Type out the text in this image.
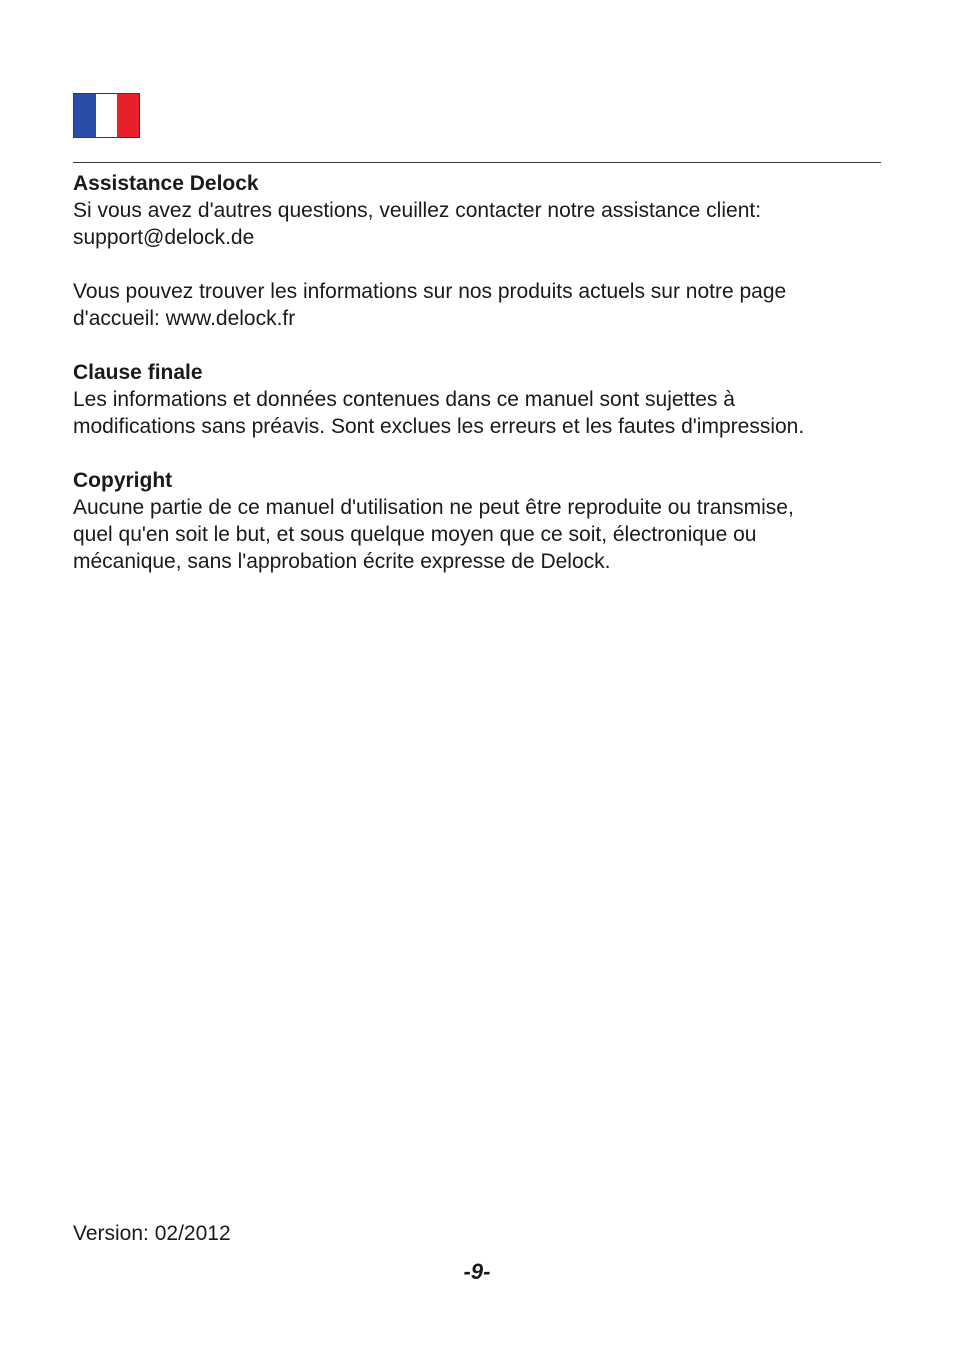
Assistance Delock

Si vous avez d'autres questions, veuillez contacter notre assistance client:

support@delock.de

Vous pouvez trouver les informations sur nos produits actuels sur notre page

d'accueil: www.delock.fr

Clause finale

Les informations et données contenues dans ce manuel sont sujettes à

modifications sans préavis. Sont exclues les erreurs et les fautes d'impression.

Copyright

Aucune partie de ce manuel d'utilisation ne peut être reproduite ou transmise,

quel qu'en soit le but, et sous quelque moyen que ce soit, électronique ou

mécanique, sans l'approbation écrite expresse de Delock.

Version: 02/2012
-9-
